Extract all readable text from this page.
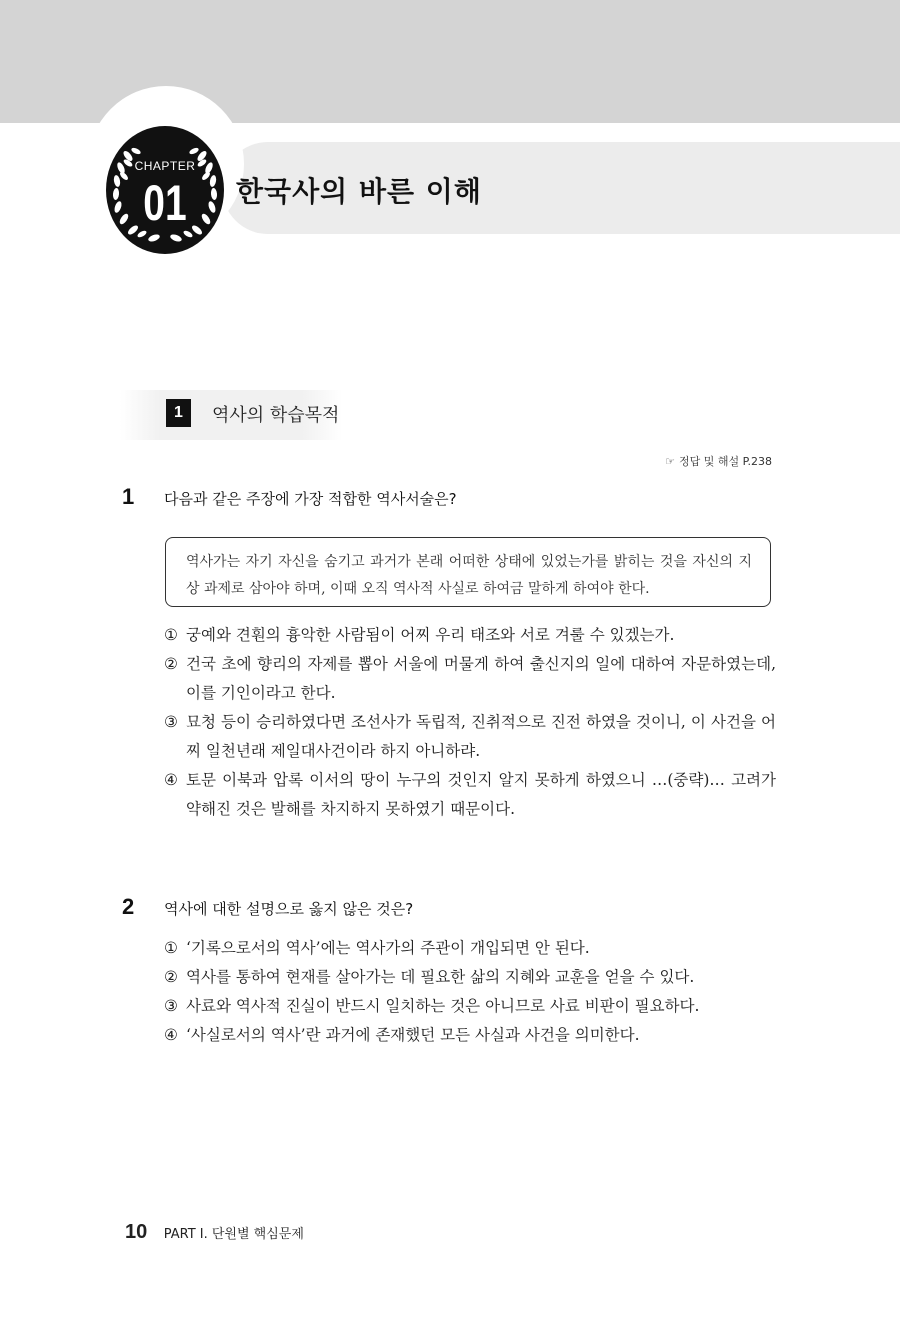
CHAPTER
01	한국사의 바른 이해
1	역사의 학습목적
☞ 정답 및 해설 P.238
1 다음과 같은 주장에 가장 적합한 역사서술은?
역사가는 자기 자신을 숨기고 과거가 본래 어떠한 상태에 있었는가를 밝히는 것을 자신의 지상 과제로 삼아야 하며, 이때 오직 역사적 사실로 하여금 말하게 하여야 한다.
① 궁예와 견훤의 흉악한 사람됨이 어찌 우리 태조와 서로 겨룰 수 있겠는가.
② 건국 초에 향리의 자제를 뽑아 서울에 머물게 하여 출신지의 일에 대하여 자문하였는데, 이를 기인이라고 한다.
③ 묘청 등이 승리하였다면 조선사가 독립적, 진취적으로 진전 하였을 것이니, 이 사건을 어찌 일천년래 제일대사건이라 하지 아니하랴.
④ 토문 이북과 압록 이서의 땅이 누구의 것인지 알지 못하게 하였으니 …(중략)… 고려가 약해진 것은 발해를 차지하지 못하였기 때문이다.
2 역사에 대한 설명으로 옳지 않은 것은?
① ‘기록으로서의 역사’에는 역사가의 주관이 개입되면 안 된다.
② 역사를 통하여 현재를 살아가는 데 필요한 삶의 지혜와 교훈을 얻을 수 있다.
③ 사료와 역사적 진실이 반드시 일치하는 것은 아니므로 사료 비판이 필요하다.
④ ‘사실로서의 역사’란 과거에 존재했던 모든 사실과 사건을 의미한다.
10 PART Ⅰ. 단원별 핵심문제
